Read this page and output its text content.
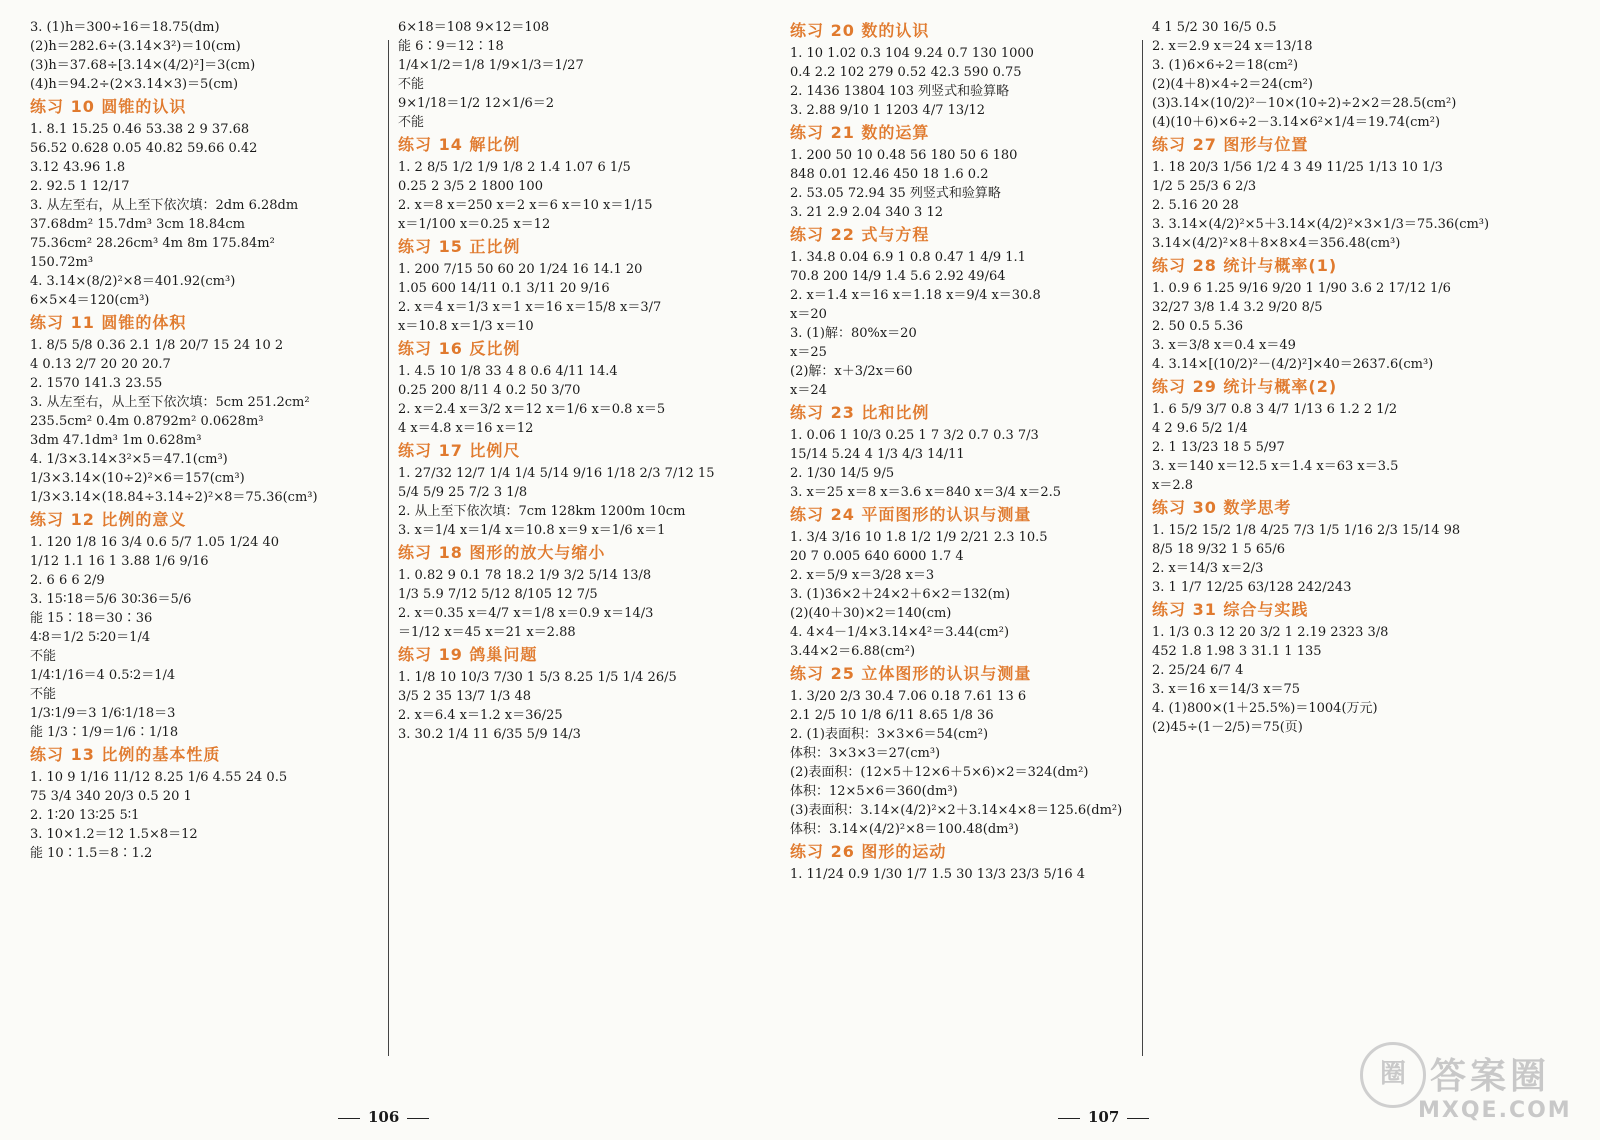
3. (1)h＝300÷16＝18.75(dm)
(2)h＝282.6÷(3.14×3²)＝10(cm)
(3)h＝37.68÷[3.14×(4/2)²]＝3(cm)
(4)h＝94.2÷(2×3.14×3)＝5(cm)
练习 10 圆锥的认识
1. 8.1 15.25 0.46 53.38 2 9 37.68
56.52 0.628 0.05 40.82 59.66 0.42
3.12 43.96 1.8
2. 92.5 1 12/17
3. 从左至右，从上至下依次填：2dm 6.28dm
37.68dm² 15.7dm³ 3cm 18.84cm
75.36cm² 28.26cm³ 4m 8m 175.84m²
150.72m³
4. 3.14×(8/2)²×8＝401.92(cm³)
6×5×4＝120(cm³)
练习 11 圆锥的体积
1. 8/5 5/8 0.36 2.1 1/8 20/7 15 24 10 2
4 0.13 2/7 20 20 20.7
2. 1570 141.3 23.55
3. 从左至右，从上至下依次填：5cm 251.2cm²
235.5cm² 0.4m 0.8792m² 0.0628m³
3dm 47.1dm³ 1m 0.628m³
4. 1/3×3.14×3²×5＝47.1(cm³)
1/3×3.14×(10÷2)²×6＝157(cm³)
1/3×3.14×(18.84÷3.14÷2)²×8＝75.36(cm³)
练习 12 比例的意义
1. 120 1/8 16 3/4 0.6 5/7 1.05 1/24 40
1/12 1.1 16 1 3.88 1/6 9/16
2. 6 6 6 2/9
3. 15∶18＝5/6 30∶36＝5/6
能 15∶18＝30∶36
4∶8＝1/2 5∶20＝1/4
不能
1/4∶1/16＝4 0.5∶2＝1/4
不能
1/3∶1/9＝3 1/6∶1/18＝3
能 1/3∶1/9＝1/6∶1/18
练习 13 比例的基本性质
1. 10 9 1/16 11/12 8.25 1/6 4.55 24 0.5
75 3/4 340 20/3 0.5 20 1
2. 1∶20 13∶25 5∶1
3. 10×1.2＝12 1.5×8＝12
能 10∶1.5＝8∶1.2
6×18＝108 9×12＝108
能 6∶9＝12∶18
1/4×1/2＝1/8 1/9×1/3＝1/27
不能
9×1/18＝1/2 12×1/6＝2
不能
练习 14 解比例
1. 2 8/5 1/2 1/9 1/8 2 1.4 1.07 6 1/5
0.25 2 3/5 2 1800 100
2. x＝8 x＝250 x＝2 x＝6 x＝10 x＝1/15
x＝1/100 x＝0.25 x＝12
练习 15 正比例
1. 200 7/15 50 60 20 1/24 16 14.1 20
1.05 600 14/11 0.1 3/11 20 9/16
2. x＝4 x＝1/3 x＝1 x＝16 x＝15/8 x＝3/7
x＝10.8 x＝1/3 x＝10
练习 16 反比例
1. 4.5 10 1/8 33 4 8 0.6 4/11 14.4
0.25 200 8/11 4 0.2 50 3/70
2. x＝2.4 x＝3/2 x＝12 x＝1/6 x＝0.8 x＝5
4 x＝4.8 x＝16 x＝12
练习 17 比例尺
1. 27/32 12/7 1/4 1/4 5/14 9/16 1/18 2/3 7/12 15
5/4 5/9 25 7/2 3 1/8
2. 从上至下依次填：7cm 128km 1200m 10cm
3. x＝1/4 x＝1/4 x＝10.8 x＝9 x＝1/6 x＝1
练习 18 图形的放大与缩小
1. 0.82 9 0.1 78 18.2 1/9 3/2 5/14 13/8
1/3 5.9 7/12 5/12 8/105 12 7/5
2. x＝0.35 x＝4/7 x＝1/8 x＝0.9 x＝14/3
＝1/12 x＝45 x＝21 x＝2.88
练习 19 鸽巢问题
1. 1/8 10 10/3 7/30 1 5/3 8.25 1/5 1/4 26/5
3/5 2 35 13/7 1/3 48
2. x＝6.4 x＝1.2 x＝36/25
3. 30.2 1/4 11 6/35 5/9 14/3
106
练习 20 数的认识
1. 10 1.02 0.3 104 9.24 0.7 130 1000
0.4 2.2 102 279 0.52 42.3 590 0.75
2. 1436 13804 103 列竖式和验算略
3. 2.88 9/10 1 1203 4/7 13/12
练习 21 数的运算
1. 200 50 10 0.48 56 180 50 6 180
848 0.01 12.46 450 18 1.6 0.2
2. 53.05 72.94 35 列竖式和验算略
3. 21 2.9 2.04 340 3 12
练习 22 式与方程
1. 34.8 0.04 6.9 1 0.8 0.47 1 4/9 1.1
70.8 200 14/9 1.4 5.6 2.92 49/64
2. x＝1.4 x＝16 x＝1.18 x＝9/4 x＝30.8
x＝20
3. (1)解：80%x＝20
x＝25
(2)解：x＋3/2x＝60
x＝24
练习 23 比和比例
1. 0.06 1 10/3 0.25 1 7 3/2 0.7 0.3 7/3
15/14 5.24 4 1/3 4/3 14/11
2. 1/30 14/5 9/5
3. x＝25 x＝8 x＝3.6 x＝840 x＝3/4 x＝2.5
练习 24 平面图形的认识与测量
1. 3/4 3/16 10 1.8 1/2 1/9 2/21 2.3 10.5
20 7 0.005 640 6000 1.7 4
2. x＝5/9 x＝3/28 x＝3
3. (1)36×2＋24×2＋6×2＝132(m)
(2)(40＋30)×2＝140(cm)
4. 4×4－1/4×3.14×4²＝3.44(cm²)
3.44×2＝6.88(cm²)
练习 25 立体图形的认识与测量
1. 3/20 2/3 30.4 7.06 0.18 7.61 13 6
2.1 2/5 10 1/8 6/11 8.65 1/8 36
2. (1)表面积：3×3×6＝54(cm²)
体积：3×3×3＝27(cm³)
(2)表面积：(12×5＋12×6＋5×6)×2＝324(dm²)
体积：12×5×6＝360(dm³)
(3)表面积：3.14×(4/2)²×2＋3.14×4×8＝125.6(dm²)
体积：3.14×(4/2)²×8＝100.48(dm³)
练习 26 图形的运动
1. 11/24 0.9 1/30 1/7 1.5 30 13/3 23/3 5/16 4
4 1 5/2 30 16/5 0.5
2. x＝2.9 x＝24 x＝13/18
3. (1)6×6÷2＝18(cm²)
(2)(4＋8)×4÷2＝24(cm²)
(3)3.14×(10/2)²－10×(10÷2)÷2×2＝28.5(cm²)
(4)(10＋6)×6÷2－3.14×6²×1/4＝19.74(cm²)
练习 27 图形与位置
1. 18 20/3 1/56 1/2 4 3 49 11/25 1/13 10 1/3
1/2 5 25/3 6 2/3
2. 5.16 20 28
3. 3.14×(4/2)²×5＋3.14×(4/2)²×3×1/3＝75.36(cm³)
3.14×(4/2)²×8＋8×8×4＝356.48(cm³)
练习 28 统计与概率(1)
1. 0.9 6 1.25 9/16 9/20 1 1/90 3.6 2 17/12 1/6
32/27 3/8 1.4 3.2 9/20 8/5
2. 50 0.5 5.36
3. x＝3/8 x＝0.4 x＝49
4. 3.14×[(10/2)²－(4/2)²]×40＝2637.6(cm³)
练习 29 统计与概率(2)
1. 6 5/9 3/7 0.8 3 4/7 1/13 6 1.2 2 1/2
4 2 9.6 5/2 1/4
2. 1 13/23 18 5 5/97
3. x＝140 x＝12.5 x＝1.4 x＝63 x＝3.5
x＝2.8
练习 30 数学思考
1. 15/2 15/2 1/8 4/25 7/3 1/5 1/16 2/3 15/14 98
8/5 18 9/32 1 5 65/6
2. x＝14/3 x＝2/3
3. 1 1/7 12/25 63/128 242/243
练习 31 综合与实践
1. 1/3 0.3 12 20 3/2 1 2.19 2323 3/8
452 1.8 1.98 3 31.1 1 135
2. 25/24 6/7 4
3. x＝16 x＝14/3 x＝75
4. (1)800×(1＋25.5%)＝1004(万元)
(2)45÷(1－2/5)＝75(页)
107
圈 答案圈
MXQE.COM
